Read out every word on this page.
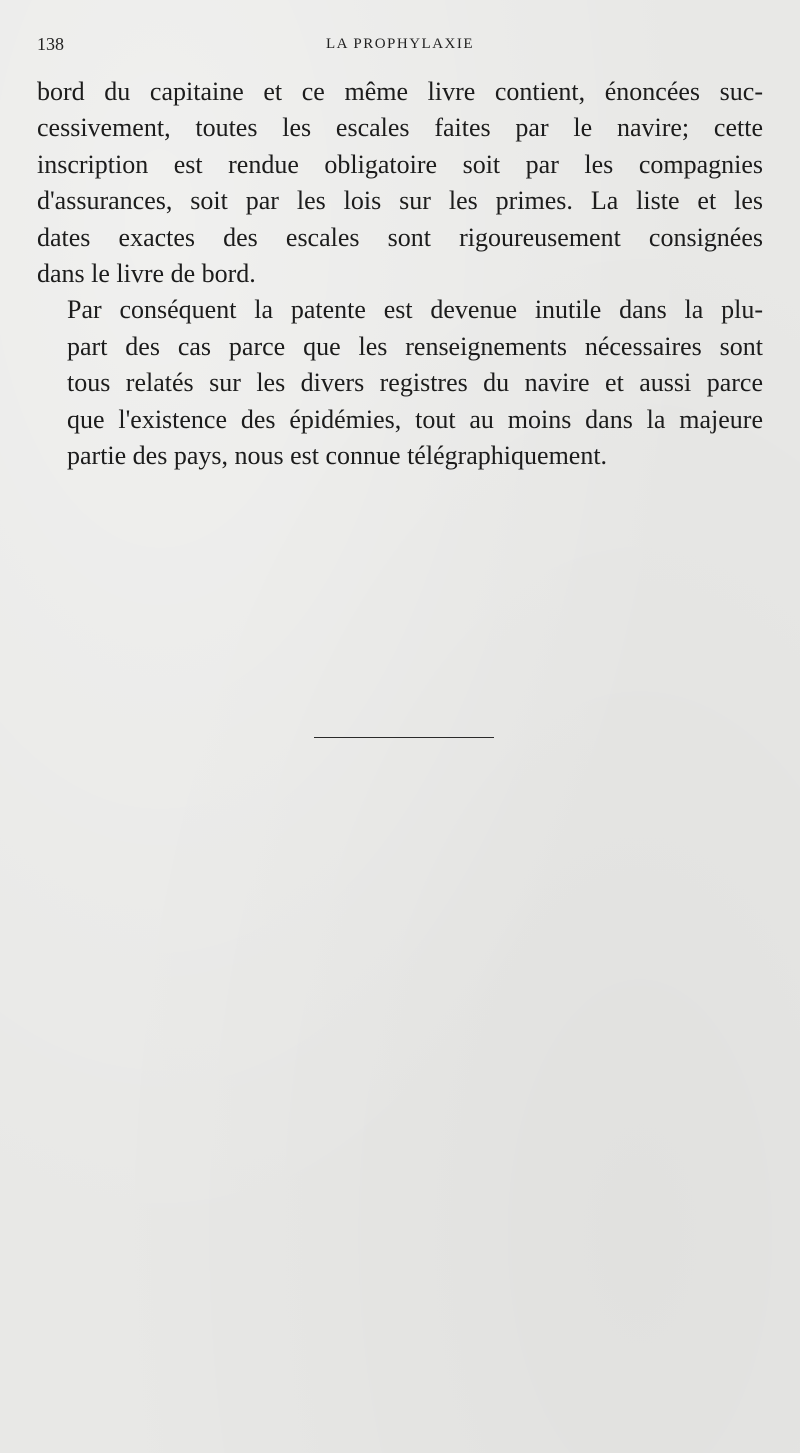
138	LA PROPHYLAXIE

bord du capitaine et ce même livre contient, énoncées suc-
cessivement, toutes les escales faites par le navire; cette
inscription est rendue obligatoire soit par les compagnies
d'assurances, soit par les lois sur les primes. La liste et les
dates exactes des escales sont rigoureusement consignées
dans le livre de bord.

Par conséquent la patente est devenue inutile dans la plu-
part des cas parce que les renseignements nécessaires sont
tous relatés sur les divers registres du navire et aussi parce
que l'existence des épidémies, tout au moins dans la majeure
partie des pays, nous est connue télégraphiquement.
